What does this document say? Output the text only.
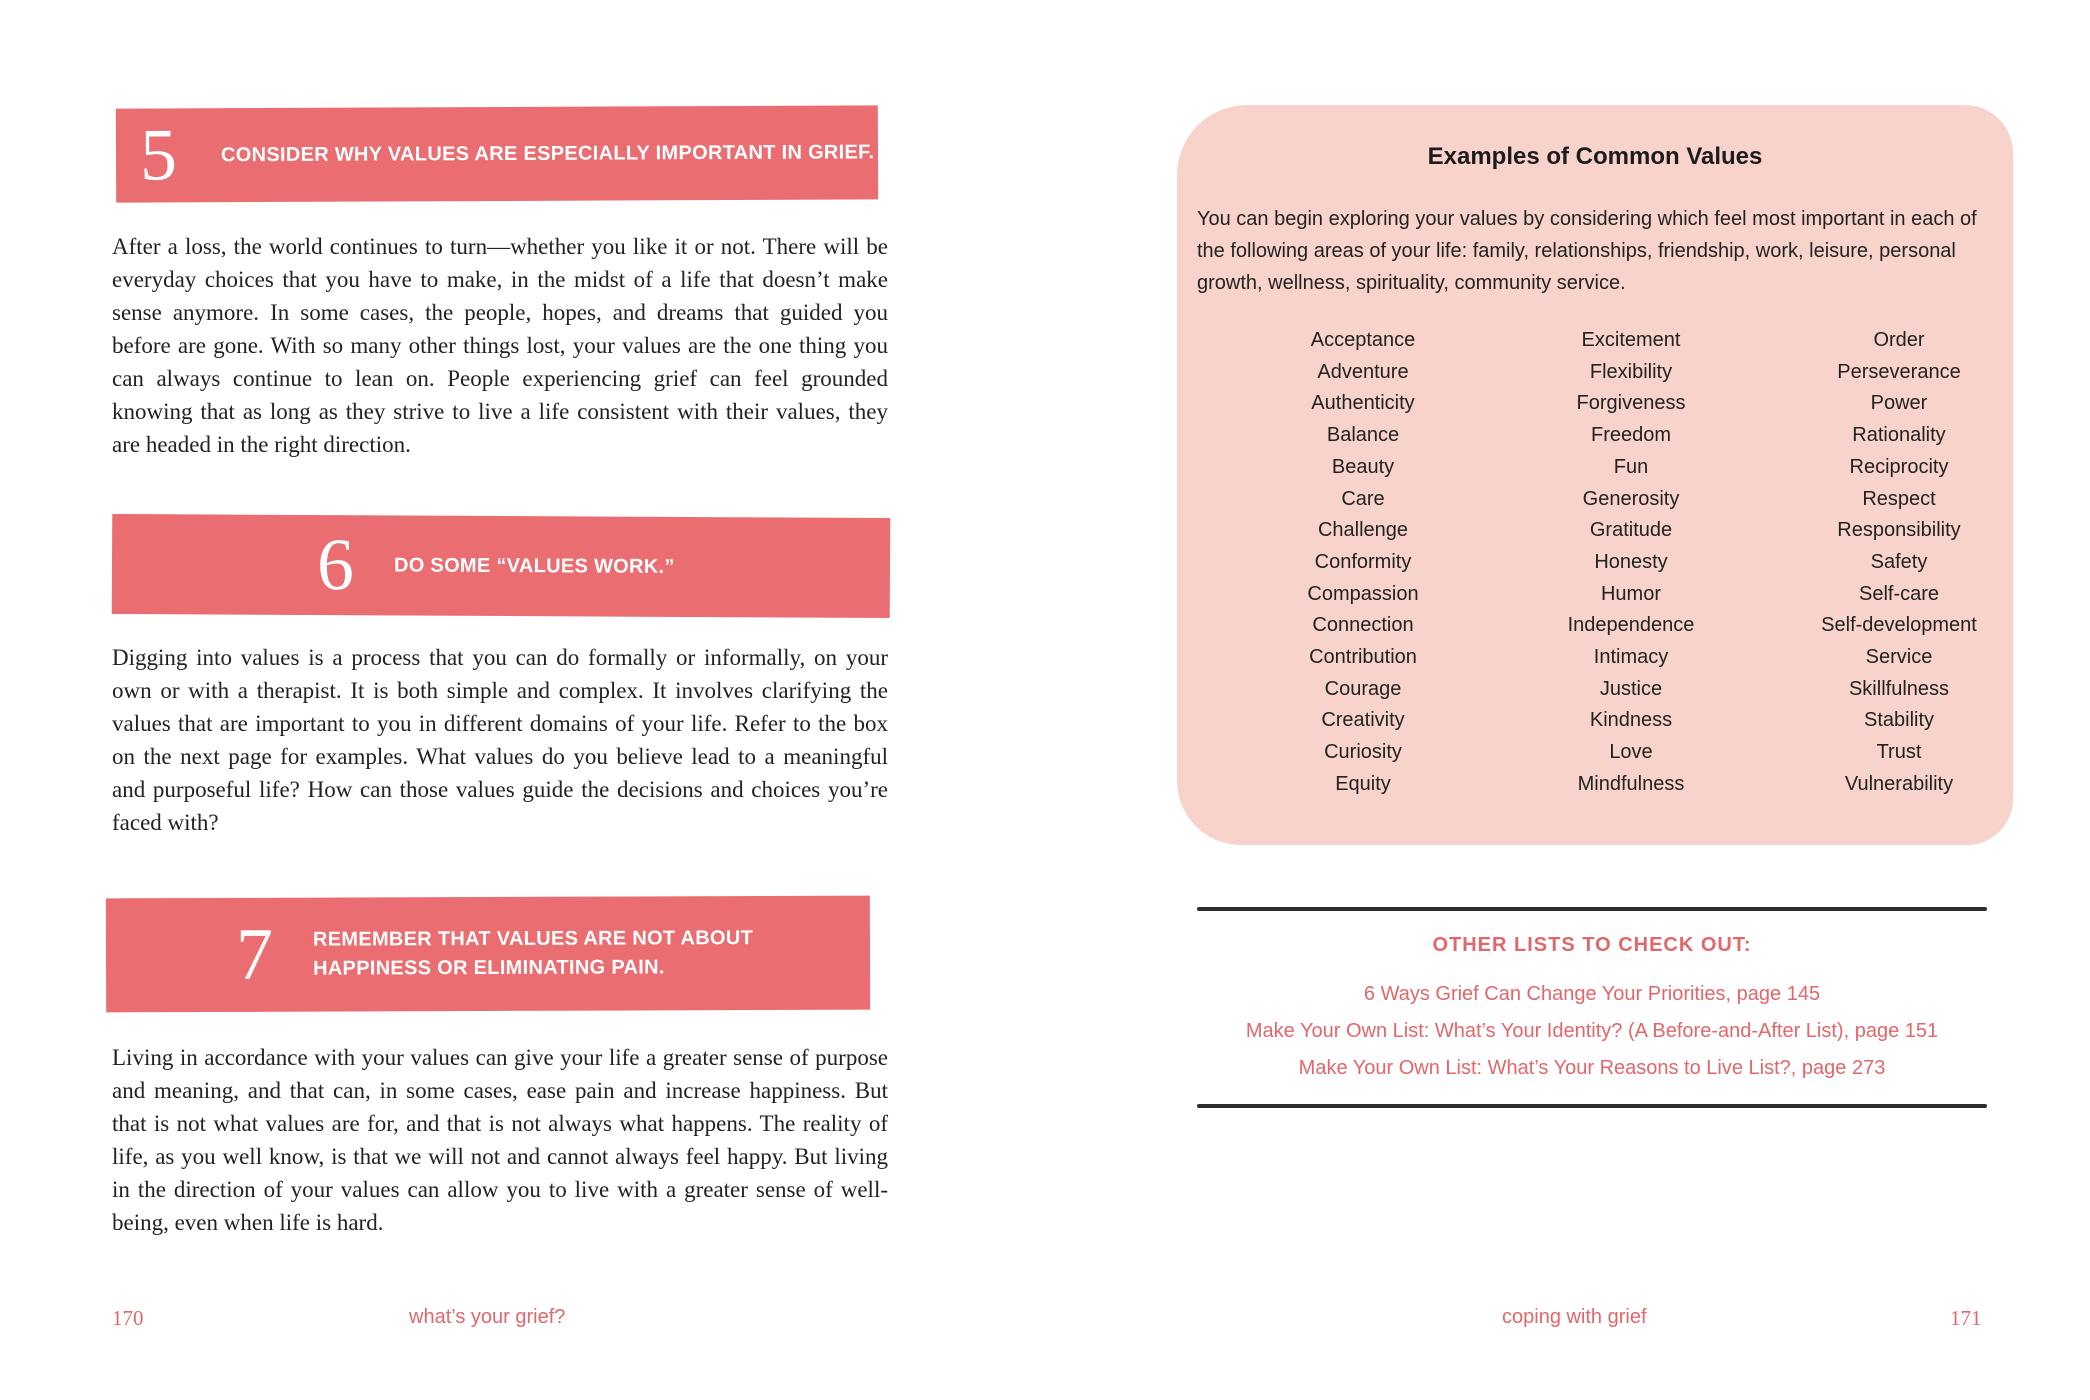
5 CONSIDER WHY VALUES ARE ESPECIALLY IMPORTANT IN GRIEF.

After a loss, the world continues to turn—whether you like it or not. There will be everyday choices that you have to make, in the midst of a life that doesn’t make sense anymore. In some cases, the people, hopes, and dreams that guided you before are gone. With so many other things lost, your values are the one thing you can always continue to lean on. People experiencing grief can feel grounded knowing that as long as they strive to live a life consistent with their values, they are headed in the right direction.

6 DO SOME “VALUES WORK.”

Digging into values is a process that you can do formally or informally, on your own or with a therapist. It is both simple and complex. It involves clarifying the values that are important to you in different domains of your life. Refer to the box on the next page for examples. What values do you believe lead to a meaningful and purposeful life? How can those values guide the decisions and choices you’re faced with?

7 REMEMBER THAT VALUES ARE NOT ABOUT
HAPPINESS OR ELIMINATING PAIN.

Living in accordance with your values can give your life a greater sense of purpose and meaning, and that can, in some cases, ease pain and increase happiness. But that is not what values are for, and that is not always what happens. The reality of life, as you well know, is that we will not and cannot always feel happy. But living in the direction of your values can allow you to live with a greater sense of well-being, even when life is hard.

170	what’s your grief?
Examples of Common Values

You can begin exploring your values by considering which feel most important in each of the following areas of your life: family, relationships, friendship, work, leisure, personal growth, wellness, spirituality, community service.

Acceptance
Adventure
Authenticity
Balance
Beauty
Care
Challenge
Conformity
Compassion
Connection
Contribution
Courage
Creativity
Curiosity
Equity
Excitement
Flexibility
Forgiveness
Freedom
Fun
Generosity
Gratitude
Honesty
Humor
Independence
Intimacy
Justice
Kindness
Love
Mindfulness
Order
Perseverance
Power
Rationality
Reciprocity
Respect
Responsibility
Safety
Self-care
Self-development
Service
Skillfulness
Stability
Trust
Vulnerability
OTHER LISTS TO CHECK OUT:
6 Ways Grief Can Change Your Priorities, page 145
Make Your Own List: What’s Your Identity? (A Before-and-After List), page 151
Make Your Own List: What’s Your Reasons to Live List?, page 273
coping with grief	171
